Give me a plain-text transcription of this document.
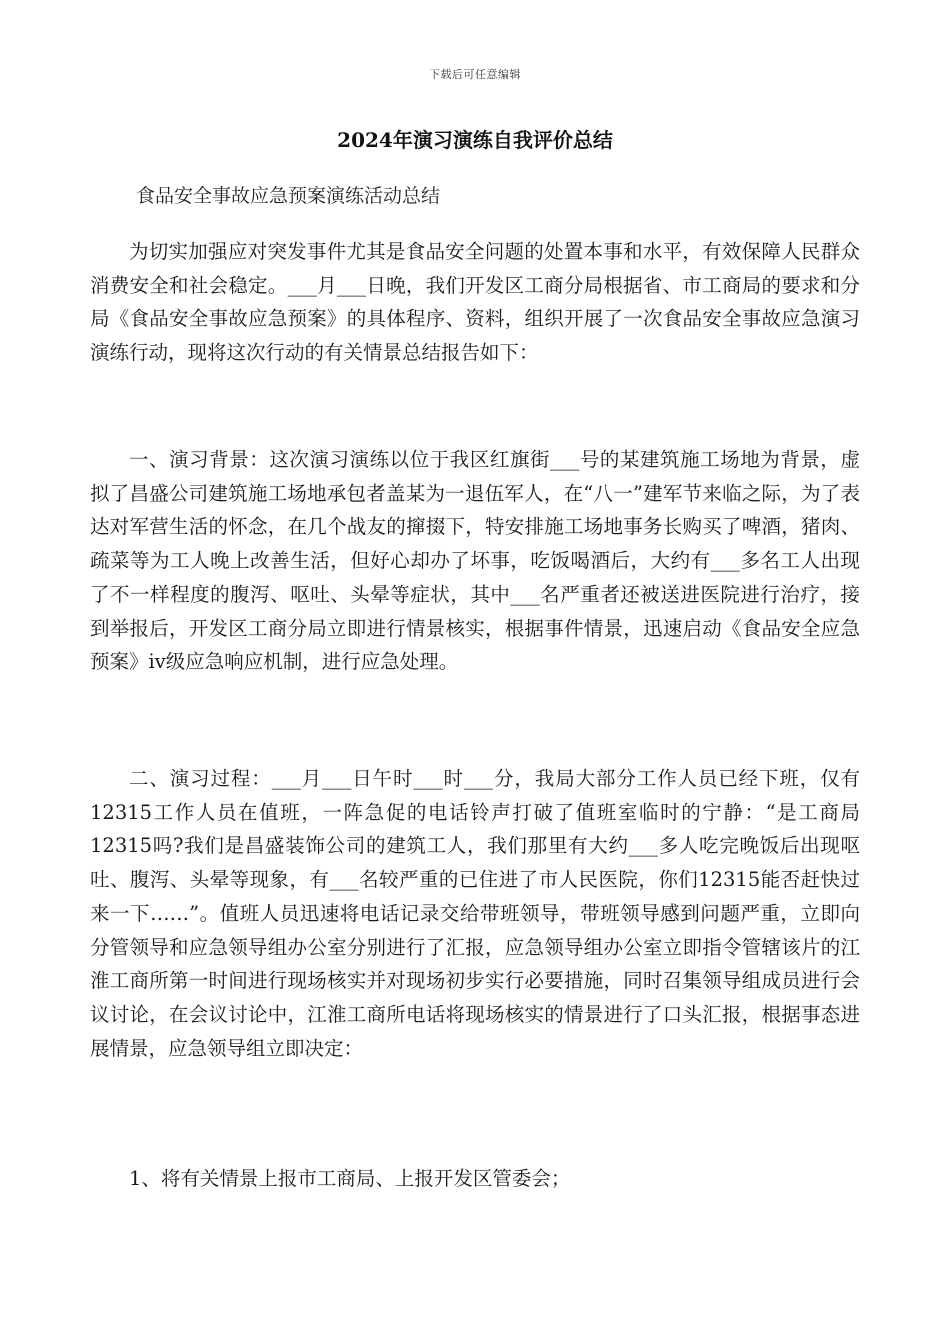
下载后可任意编辑
2024年演习演练自我评价总结
食品安全事故应急预案演练活动总结

为切实加强应对突发事件尤其是食品安全问题的处置本事和水平，有效保障人民群众消费安全和社会稳定。___月___日晚，我们开发区工商分局根据省、市工商局的要求和分局《食品安全事故应急预案》的具体程序、资料，组织开展了一次食品安全事故应急演习演练行动，现将这次行动的有关情景总结报告如下：

一、演习背景：这次演习演练以位于我区红旗街___号的某建筑施工场地为背景，虚拟了昌盛公司建筑施工场地承包者盖某为一退伍军人，在“八一”建军节来临之际，为了表达对军营生活的怀念，在几个战友的撺掇下，特安排施工场地事务长购买了啤酒，猪肉、疏菜等为工人晚上改善生活，但好心却办了坏事，吃饭喝酒后，大约有___多名工人出现了不一样程度的腹泻、呕吐、头晕等症状，其中___名严重者还被送进医院进行治疗，接到举报后，开发区工商分局立即进行情景核实，根据事件情景，迅速启动《食品安全应急预案》iv级应急响应机制，进行应急处理。

二、演习过程：___月___日午时___时___分，我局大部分工作人员已经下班，仅有12315工作人员在值班，一阵急促的电话铃声打破了值班室临时的宁静：“是工商局12315吗?我们是昌盛装饰公司的建筑工人，我们那里有大约___多人吃完晚饭后出现呕吐、腹泻、头晕等现象，有___名较严重的已住进了市人民医院，你们12315能否赶快过来一下……”。值班人员迅速将电话记录交给带班领导，带班领导感到问题严重，立即向分管领导和应急领导组办公室分别进行了汇报，应急领导组办公室立即指令管辖该片的江淮工商所第一时间进行现场核实并对现场初步实行必要措施，同时召集领导组成员进行会议讨论，在会议讨论中，江淮工商所电话将现场核实的情景进行了口头汇报，根据事态进展情景，应急领导组立即决定：

1、将有关情景上报市工商局、上报开发区管委会；
